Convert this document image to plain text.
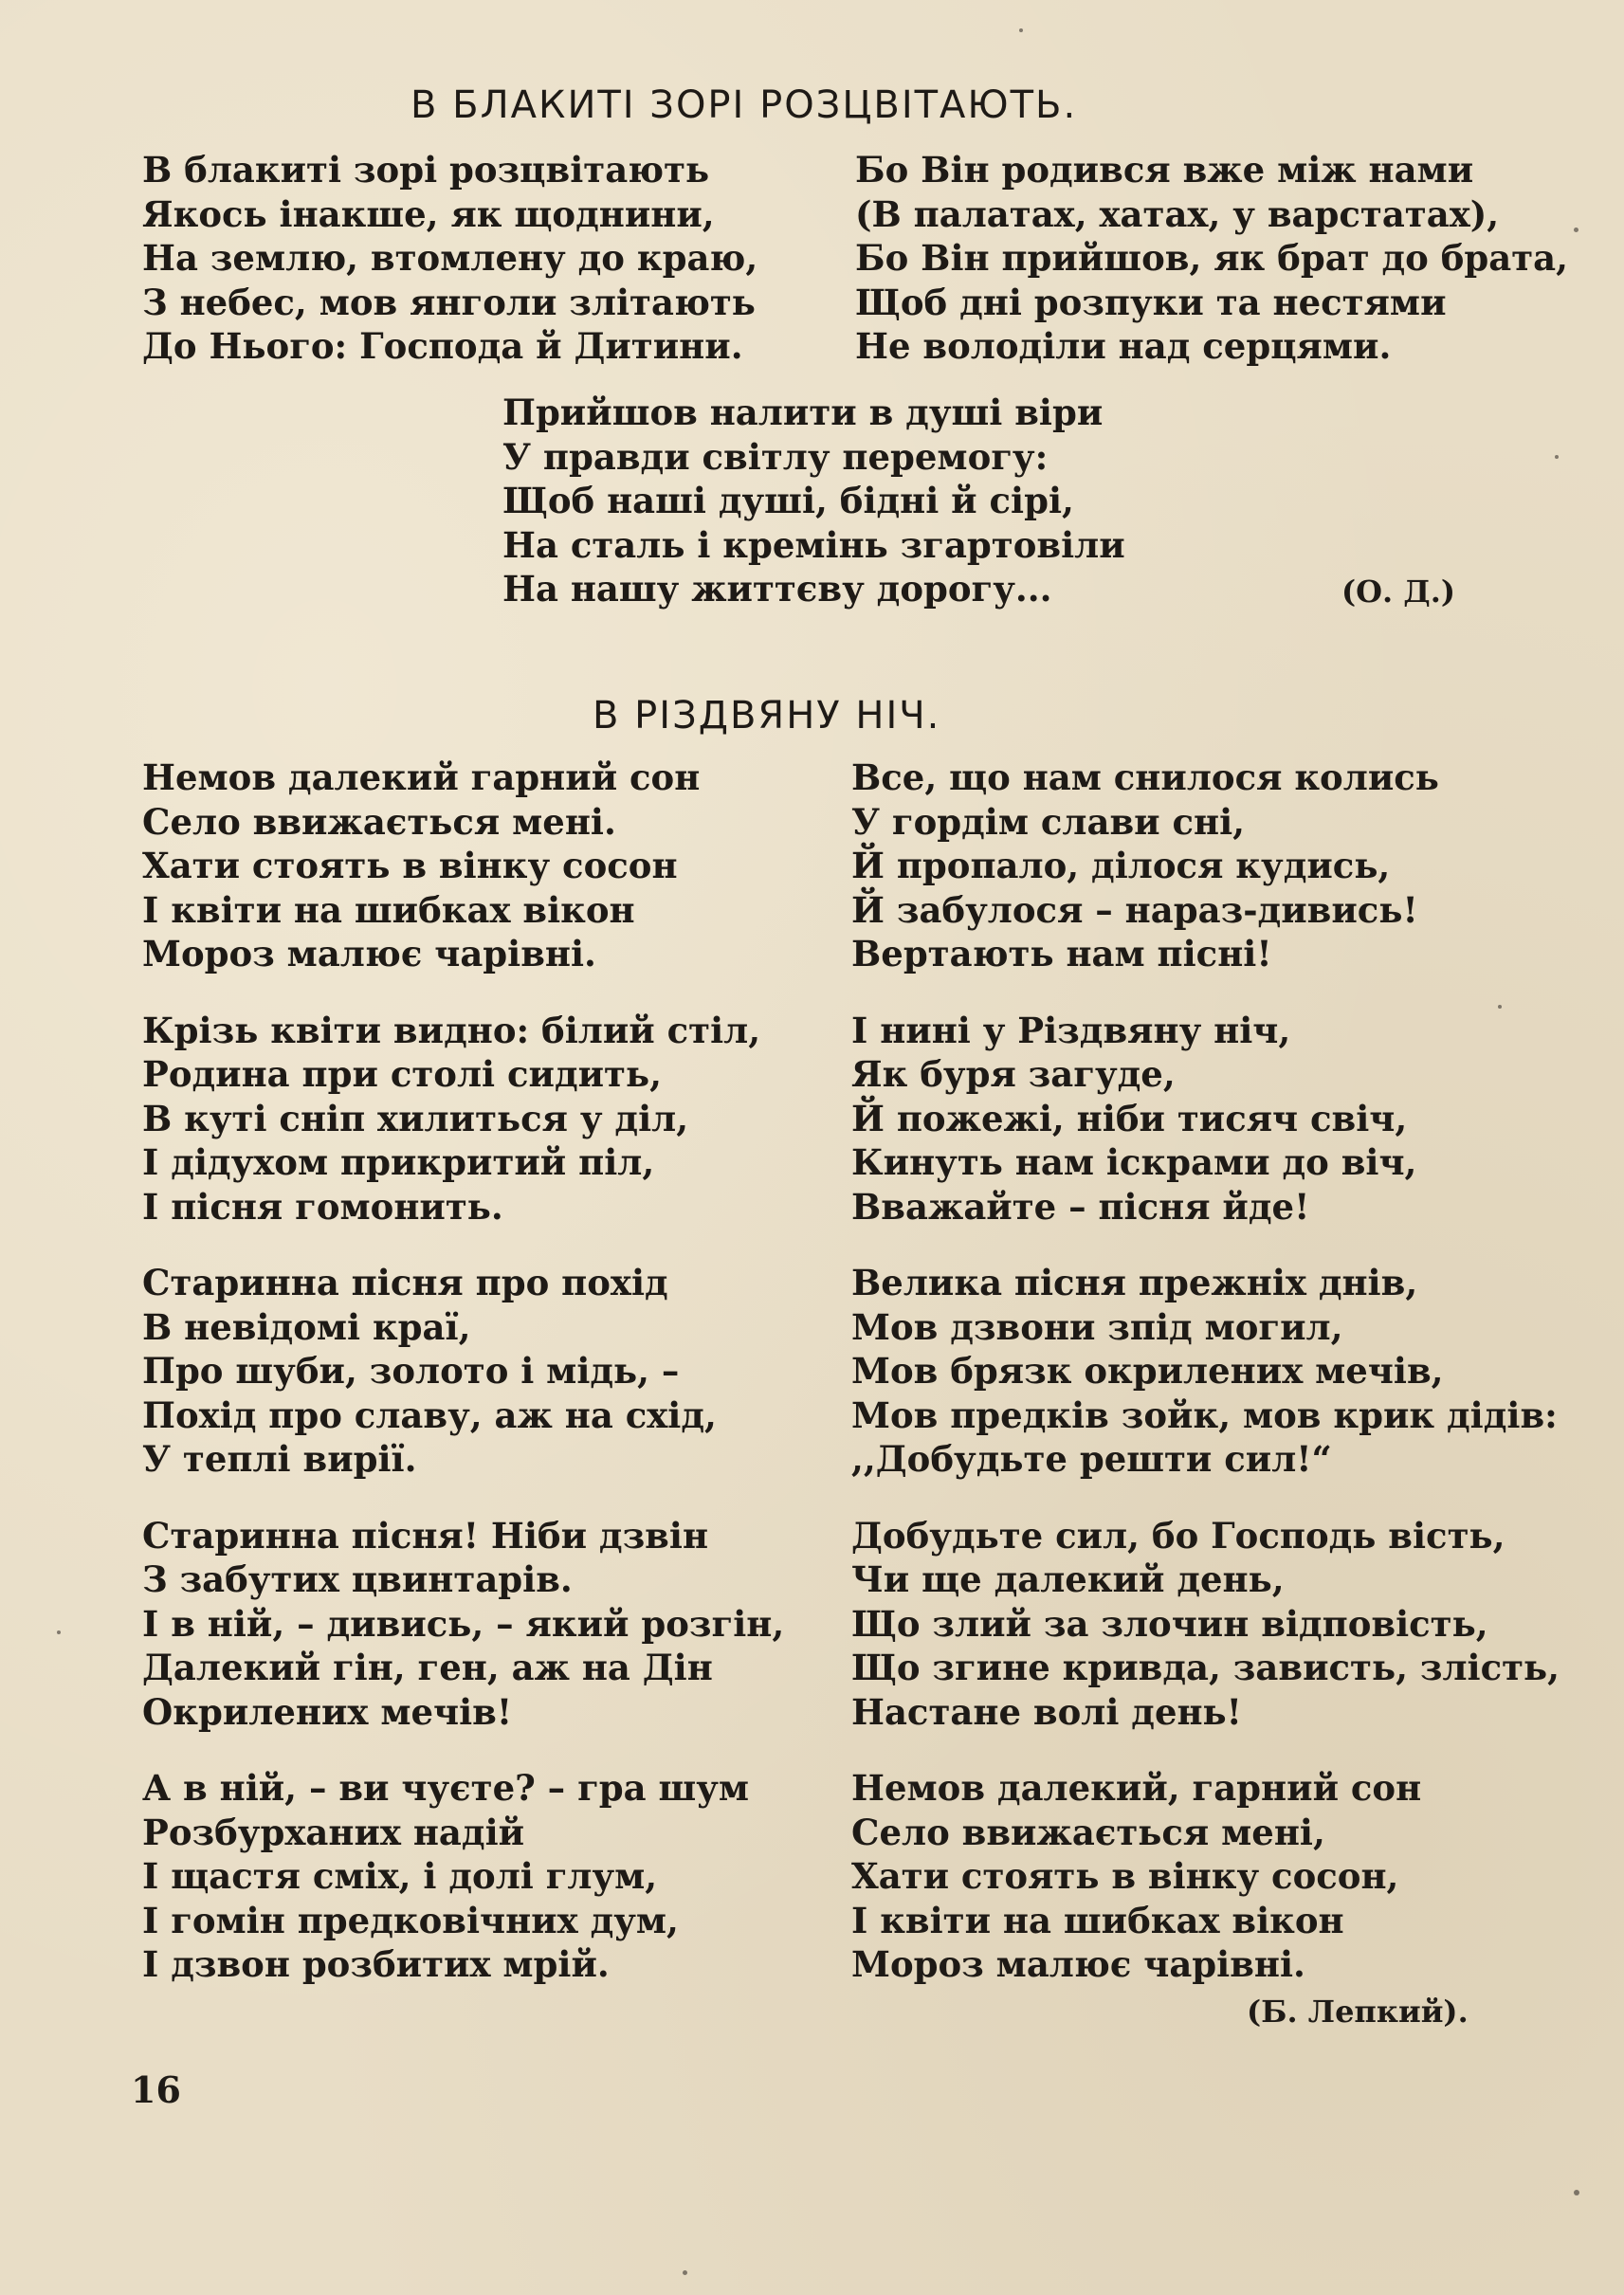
В БЛАКИТІ ЗОРІ РОЗЦВІТАЮТЬ.
В блакиті зорі розцвітають
Якось інакше, як щоднини,
На землю, втомлену до краю,
З небес, мов янголи злітають
До Нього: Господа й Дитини.
Бо Він родився вже між нами
(В палатах, хатах, у варстатах),
Бо Він прийшов, як брат до брата,
Щоб дні розпуки та нестями
Не володіли над серцями.
Прийшов налити в душі віри
У правди світлу перемогу:
Щоб наші душі, бідні й сірі,
На сталь і кремінь згартовіли
На нашу життєву дорогу...	(О. Д.)
В РІЗДВЯНУ НІЧ.
Немов далекий гарний сон
Село ввижається мені.
Хати стоять в вінку сосон
І квіти на шибках вікон
Мороз малює чарівні.
Крізь квіти видно: білий стіл,
Родина при столі сидить,
В куті сніп хилиться у діл,
І дідухом прикритий піл,
І пісня гомонить.
Старинна пісня про похід
В невідомі краї,
Про шуби, золото і мідь, –
Похід про славу, аж на схід,
У теплі вирії.
Старинна пісня! Ніби дзвін
З забутих цвинтарів.
І в ній, – дивись, – який розгін,
Далекий гін, ген, аж на Дін
Окрилених мечів!
А в ній, – ви чуєте? – гра шум
Розбурханих надій
І щастя сміх, і долі глум,
І гомін предковічних дум,
І дзвон розбитих мрій.
Все, що нам снилося колись
У гордім слави сні,
Й пропало, ділося кудись,
Й забулося – нараз-дивись!
Вертають нам пісні!
І нині у Різдвяну ніч,
Як буря загуде,
Й пожежі, ніби тисяч свіч,
Кинуть нам іскрами до віч,
Вважайте – пісня йде!
Велика пісня прежніх днів,
Мов дзвони зпід могил,
Мов брязк окрилених мечів,
Мов предків зойк, мов крик дідів:
,,Добудьте решти сил!“
Добудьте сил, бо Господь вість,
Чи ще далекий день,
Що злий за злочин відповість,
Що згине кривда, зависть, злість,
Настане волі день!
Немов далекий, гарний сон
Село ввижається мені,
Хати стоять в вінку сосон,
І квіти на шибках вікон
Мороз малює чарівні.
(Б. Лепкий).
16
